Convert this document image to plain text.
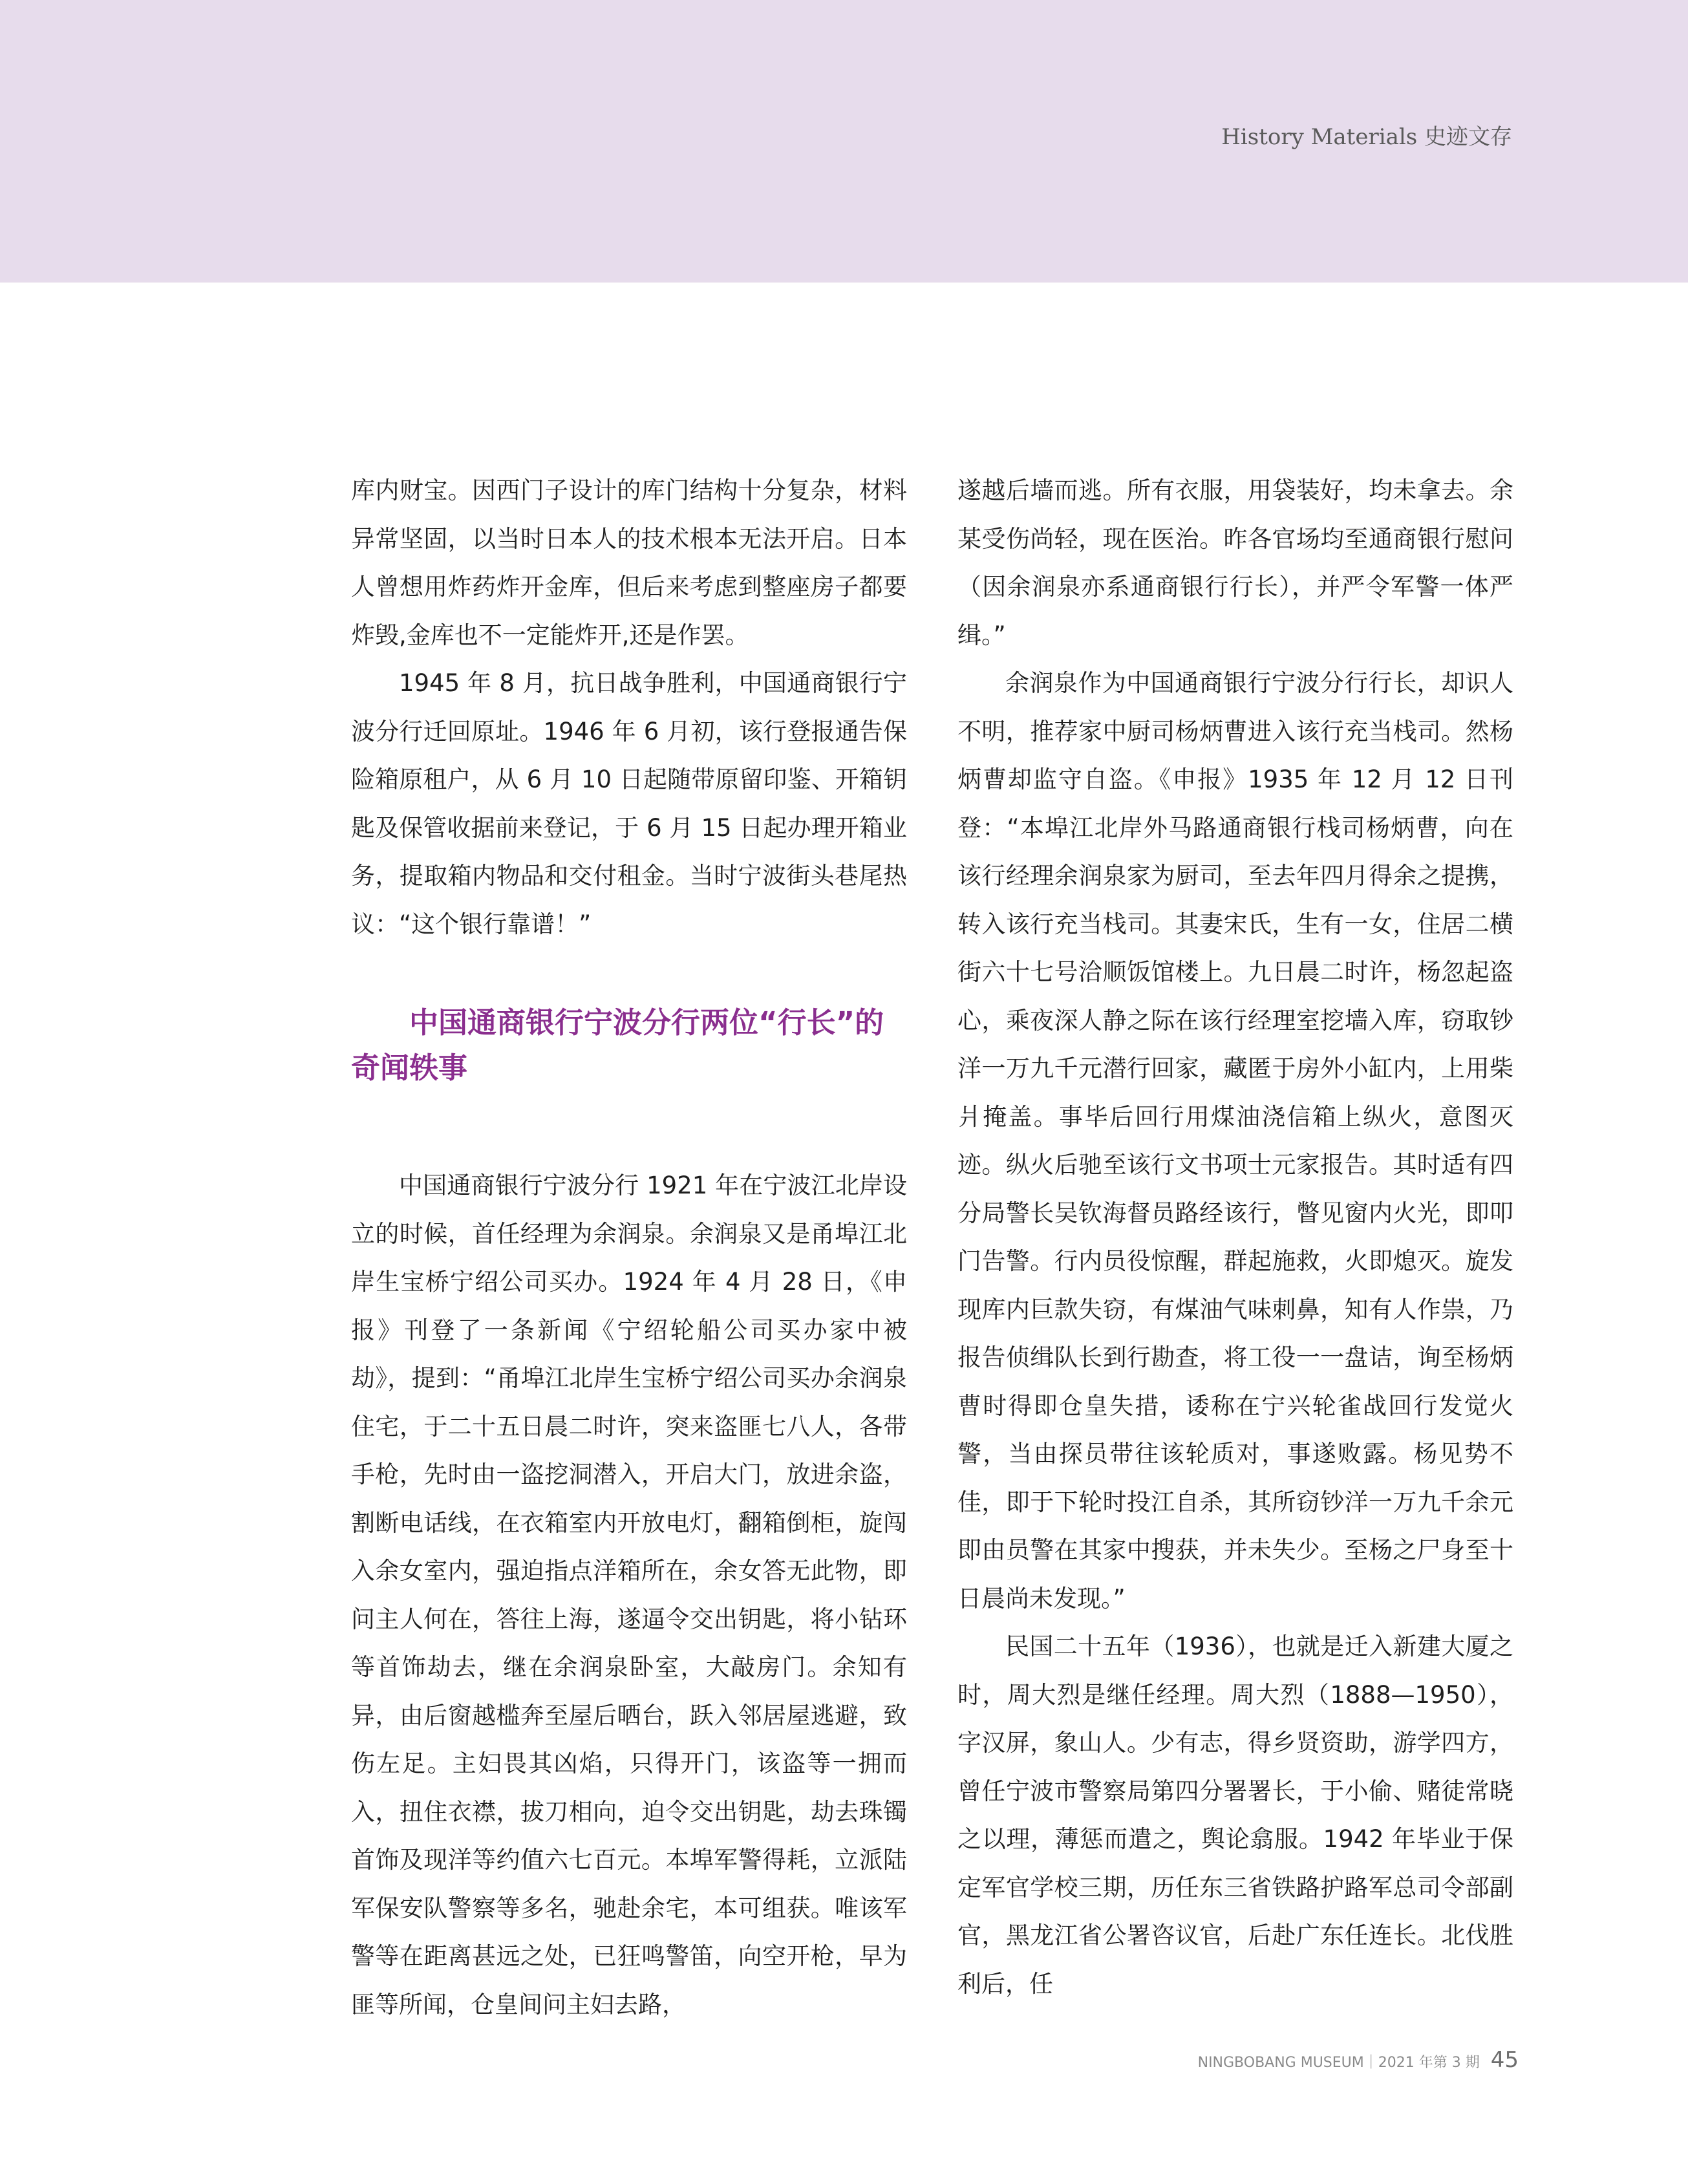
History Materials 史迹文存

库内财宝。因西门子设计的库门结构十分复杂，材料异常坚固，以当时日本人的技术根本无法开启。日本人曾想用炸药炸开金库，但后来考虑到整座房子都要炸毁,金库也不一定能炸开,还是作罢。

1945 年 8 月，抗日战争胜利，中国通商银行宁波分行迁回原址。1946 年 6 月初，该行登报通告保险箱原租户，从 6 月 10 日起随带原留印鉴、开箱钥匙及保管收据前来登记，于 6 月 15 日起办理开箱业务，提取箱内物品和交付租金。当时宁波街头巷尾热议：“这个银行靠谱！”

中国通商银行宁波分行两位“行长”的奇闻轶事

中国通商银行宁波分行 1921 年在宁波江北岸设立的时候，首任经理为余润泉。余润泉又是甬埠江北岸生宝桥宁绍公司买办。1924 年 4 月 28 日，《申报》刊登了一条新闻《宁绍轮船公司买办家中被劫》，提到：“甬埠江北岸生宝桥宁绍公司买办余润泉住宅，于二十五日晨二时许，突来盗匪七八人，各带手枪，先时由一盗挖洞潜入，开启大门，放进余盗，割断电话线，在衣箱室内开放电灯，翻箱倒柜，旋闯入余女室内，强迫指点洋箱所在，余女答无此物，即问主人何在，答往上海，遂逼令交出钥匙，将小钻环等首饰劫去，继在余润泉卧室，大敲房门。余知有异，由后窗越槛奔至屋后晒台，跃入邻居屋逃避，致伤左足。主妇畏其凶焰，只得开门，该盗等一拥而入，扭住衣襟，拔刀相向，迫令交出钥匙，劫去珠镯首饰及现洋等约值六七百元。本埠军警得耗，立派陆军保安队警察等多名，驰赴余宅，本可组获。唯该军警等在距离甚远之处，已狂鸣警笛，向空开枪，早为匪等所闻，仓皇间问主妇去路，

遂越后墙而逃。所有衣服，用袋装好，均未拿去。余某受伤尚轻，现在医治。昨各官场均至通商银行慰问（因余润泉亦系通商银行行长），并严令军警一体严缉。”

余润泉作为中国通商银行宁波分行行长，却识人不明，推荐家中厨司杨炳曹进入该行充当栈司。然杨炳曹却监守自盗。《申报》1935 年 12 月 12 日刊登：“本埠江北岸外马路通商银行栈司杨炳曹，向在该行经理余润泉家为厨司，至去年四月得余之提携，转入该行充当栈司。其妻宋氏，生有一女，住居二横街六十七号洽顺饭馆楼上。九日晨二时许，杨忽起盗心，乘夜深人静之际在该行经理室挖墙入库，窃取钞洋一万九千元潜行回家，藏匿于房外小缸内，上用柴爿掩盖。事毕后回行用煤油浇信箱上纵火，意图灭迹。纵火后驰至该行文书项士元家报告。其时适有四分局警长吴钦海督员路经该行，瞥见窗内火光，即叩门告警。行内员役惊醒，群起施救，火即熄灭。旋发现库内巨款失窃，有煤油气味刺鼻，知有人作祟，乃报告侦缉队长到行勘查，将工役一一盘诘，询至杨炳曹时得即仓皇失措，诿称在宁兴轮雀战回行发觉火警，当由探员带往该轮质对，事遂败露。杨见势不佳，即于下轮时投江自杀，其所窃钞洋一万九千余元即由员警在其家中搜获，并未失少。至杨之尸身至十日晨尚未发现。”

民国二十五年（1936），也就是迁入新建大厦之时，周大烈是继任经理。周大烈（1888—1950），字汉屏，象山人。少有志，得乡贤资助，游学四方，曾任宁波市警察局第四分署署长，于小偷、赌徒常晓之以理，薄惩而遣之，舆论翕服。1942 年毕业于保定军官学校三期，历任东三省铁路护路军总司令部副官，黑龙江省公署咨议官，后赴广东任连长。北伐胜利后，任

NINGBOBANG MUSEUM｜2021 年第 3 期 45
